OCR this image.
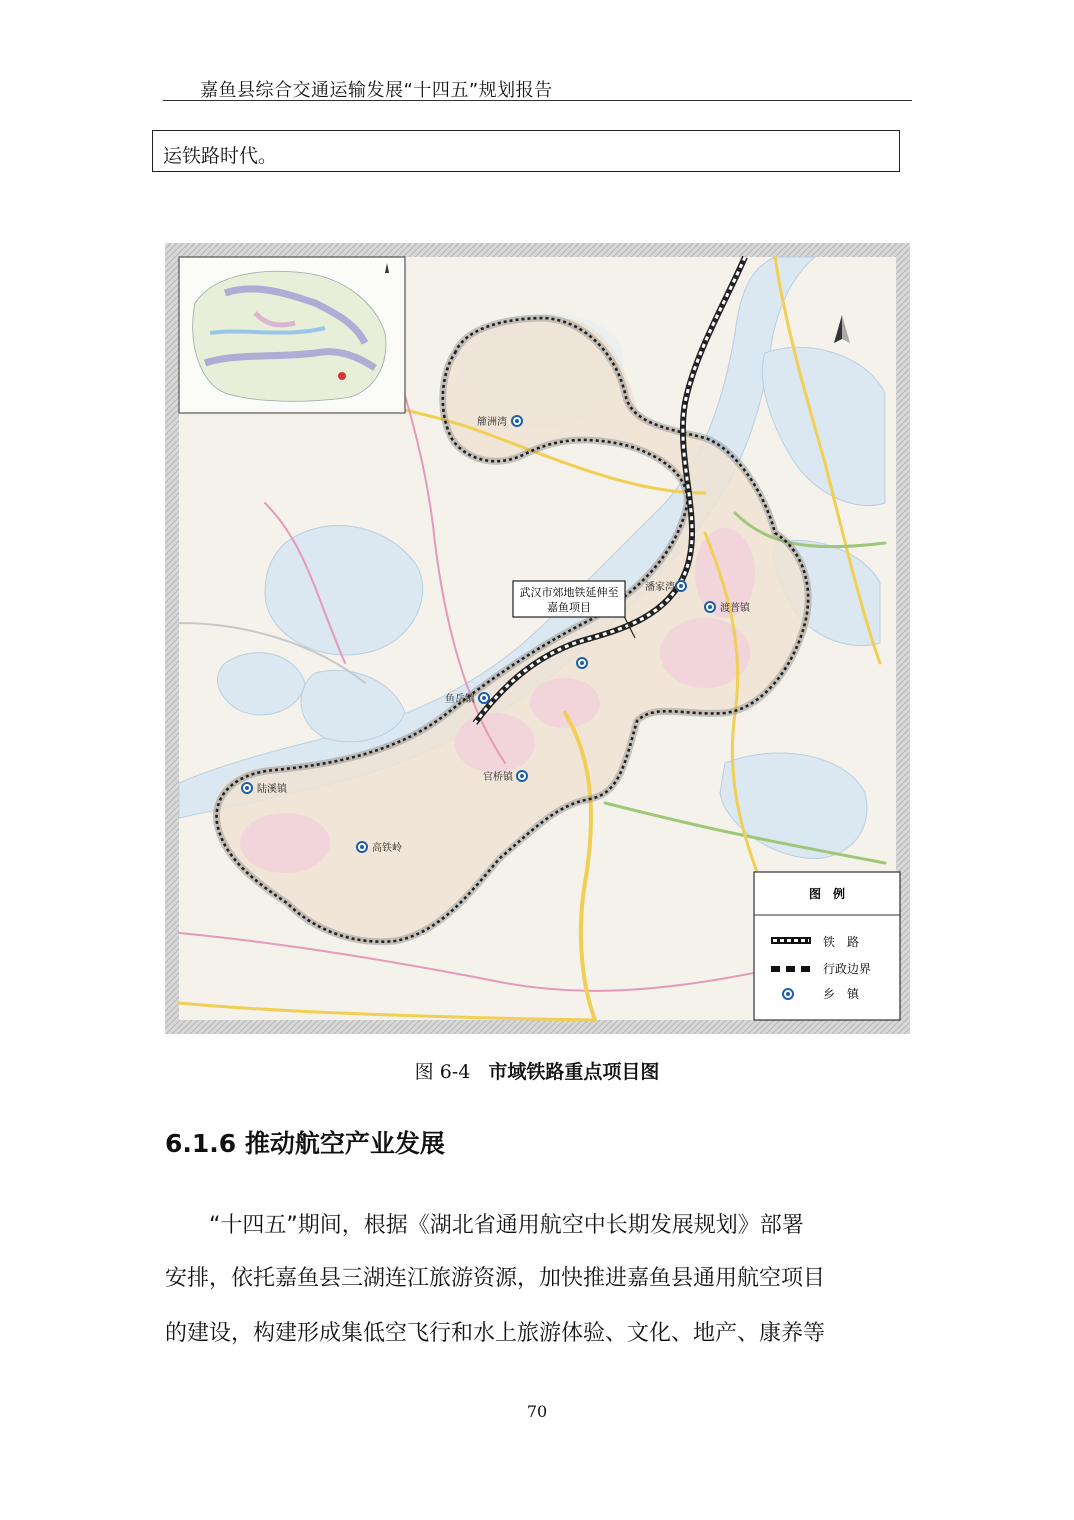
嘉鱼县综合交通运输发展“十四五”规划报告
运铁路时代。
武汉市郊地铁延伸至
嘉鱼项目
簰洲湾
潘家湾
渡普镇
鱼岳镇
官桥镇
陆溪镇
高铁岭
图　例
铁　路
行政边界
乡　镇
图 6-4 市域铁路重点项目图
6.1.6 推动航空产业发展
“十四五”期间，根据《湖北省通用航空中长期发展规划》部署
安排，依托嘉鱼县三湖连江旅游资源，加快推进嘉鱼县通用航空项目
的建设，构建形成集低空飞行和水上旅游体验、文化、地产、康养等
70
